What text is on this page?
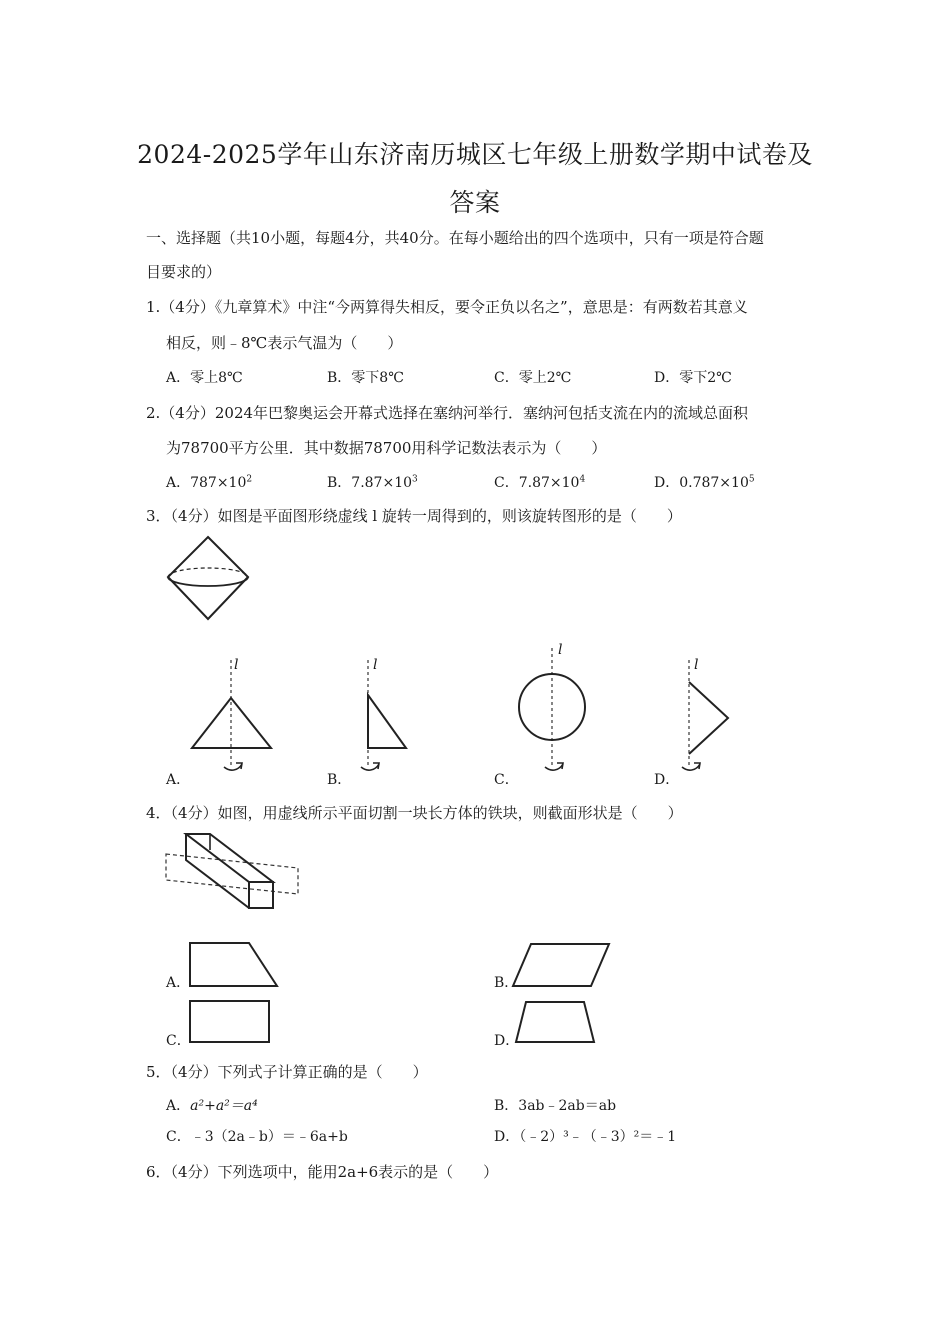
2024-2025学年山东济南历城区七年级上册数学期中试卷及
答案
一、选择题（共10小题，每题4分，共40分。在每小题给出的四个选项中，只有一项是符合题
目要求的）
1.（4分）《九章算术》中注“今两算得失相反，要令正负以名之”，意思是：有两数若其意义
相反，则﹣8℃表示气温为（　　）
A．零上8℃	B．零下8℃	C．零上2℃	D．零下2℃
2.（4分）2024年巴黎奥运会开幕式选择在塞纳河举行．塞纳河包括支流在内的流域总面积
为78700平方公里．其中数据78700用科学记数法表示为（　　）
A．$787\times 10^2$	B．$7.87\times 10^3$	C．$7.87\times 10^4$	D．$0.787\times 10^5$
3．（4分）如图是平面图形绕虚线 l 旋转一周得到的，则该旋转图形的是（　　）
l
A．
l
B．
l
C．
l
D．
4．（4分）如图，用虚线所示平面切割一块长方体的铁块，则截面形状是（　　）
A．	B．
C．	D．
5．（4分）下列式子计算正确的是（　　）
A．a²+a²＝a⁴	B．3ab﹣2ab＝ab
C．﹣3（2a﹣b）＝﹣6a+b	D．（﹣2）³﹣（﹣3）²＝﹣1
6．（4分）下列选项中，能用2a+6表示的是（　　）
